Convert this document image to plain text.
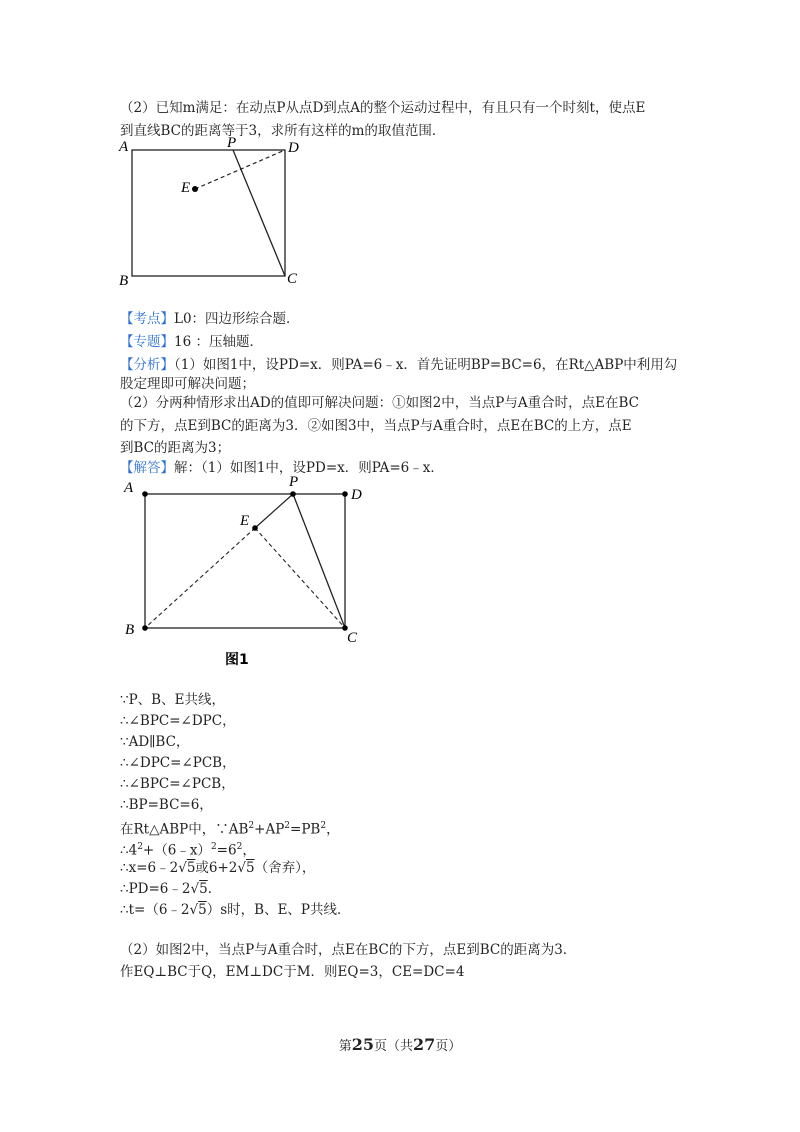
（2）已知m满足：在动点P从点D到点A的整个运动过程中，有且只有一个时刻t，使点E
到直线BC的距离等于3，求所有这样的m的取值范围．
A	P	D
E
B	C
【考点】L0：四边形综合题．
【专题】16 ：压轴题．
【分析】（1）如图1中，设PD=x．则PA=6﹣x．首先证明BP=BC=6，在Rt△ABP中利用勾
股定理即可解决问题；
（2）分两种情形求出AD的值即可解决问题：①如图2中，当点P与A重合时，点E在BC
的下方，点E到BC的距离为3．②如图3中，当点P与A重合时，点E在BC的上方，点E
到BC的距离为3；
【解答】解：（1）如图1中，设PD=x．则PA=6﹣x．
A	P
D
E
B	C
图1
∵P、B、E共线，
∴∠BPC=∠DPC，
∵AD∥BC，
∴∠DPC=∠PCB，
∴∠BPC=∠PCB，
∴BP=BC=6，
在Rt△ABP中，$\because AB^2+AP^2=PB^2$，
$\therefore 4^2+(6﹣x)^2=6^2$，
∴x=6﹣2√5或6+2√5（舍弃），
∴PD=6﹣2√5．
∴t=（6﹣2√5）s时，B、E、P共线．
（2）如图2中，当点P与A重合时，点E在BC的下方，点E到BC的距离为3．
作EQ⊥BC于Q，EM⊥DC于M．则EQ=3，CE=DC=4
第25页（共27页）
